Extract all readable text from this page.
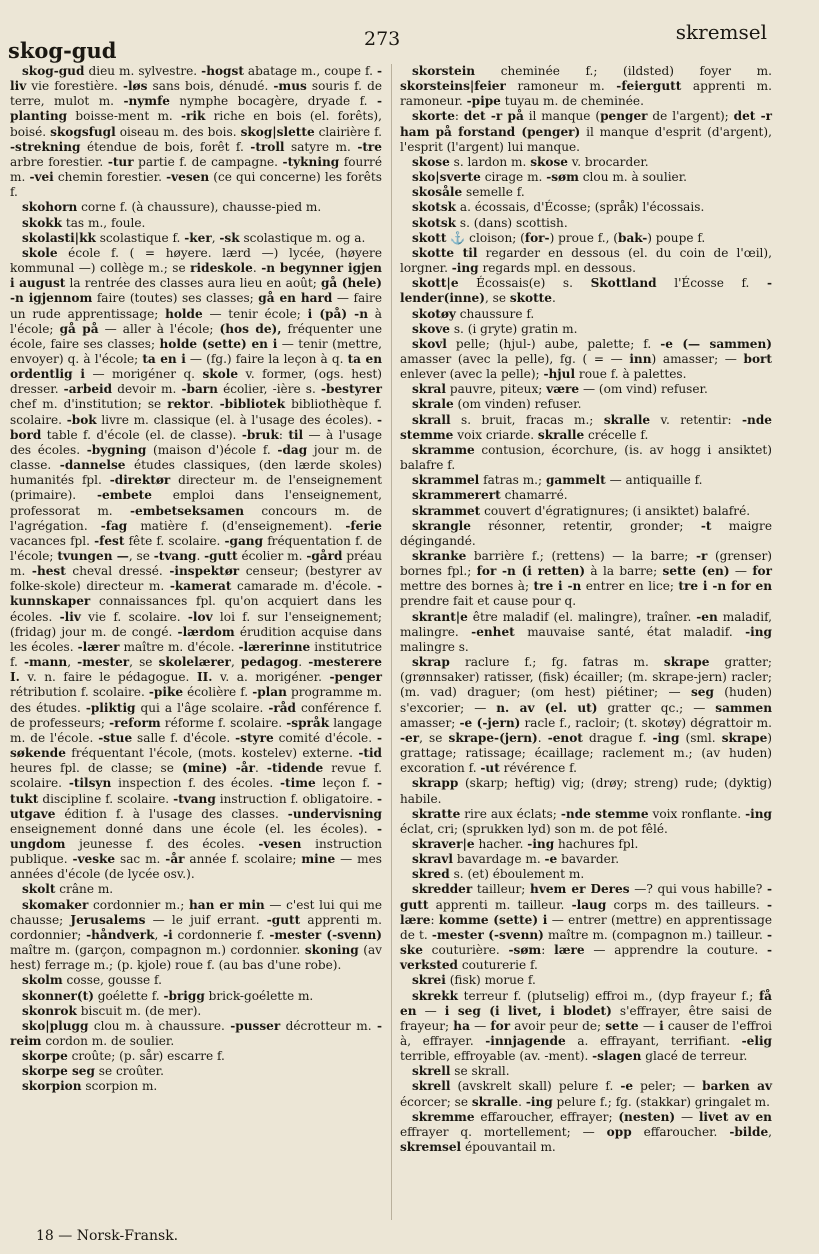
skog-gud	273	skremsel

skog-gud dieu m. sylvestre. -hogst abatage m., coupe f. -liv vie forestière. -løs sans bois, dénudé. -mus souris f. de terre, mulot m. -nymfe nymphe bocagère, dryade f. -planting boisse-ment m. -rik riche en bois (el. forêts), boisé. skogsfugl oiseau m. des bois. skog|slette clairière f. -strekning étendue de bois, forêt f. -troll satyre m. -tre arbre forestier. -tur partie f. de campagne. -tykning fourré m. -vei chemin forestier. -vesen (ce qui concerne) les forêts f.

skohorn corne f. (à chaussure), chausse-pied m.

skokk tas m., foule.

skolasti|kk scolastique f. -ker, -sk scolastique m. og a.

skole école f. ( = høyere. lærd —) lycée, (høyere kommunal —) collège m.; se rideskole. -n begynner igjen i august la rentrée des classes aura lieu en août; gå (hele) -n igjennom faire (toutes) ses classes; gå en hard — faire un rude apprentissage; holde — tenir école; i (på) -n à l'école; gå på — aller à l'école; (hos de), fréquenter une école, faire ses classes; holde (sette) en i — tenir (mettre, envoyer) q. à l'école; ta en i — (fg.) faire la leçon à q. ta en ordentlig i — morigéner q. skole v. former, (ogs. hest) dresser. -arbeid devoir m. -barn écolier, -ière s. -bestyrer chef m. d'institution; se rektor. -bibliotek bibliothèque f. scolaire. -bok livre m. classique (el. à l'usage des écoles). -bord table f. d'école (el. de classe). -bruk: til — à l'usage des écoles. -bygning (maison d')école f. -dag jour m. de classe. -dannelse études classiques, (den lærde skoles) humanités fpl. -direktør directeur m. de l'enseignement (primaire). -embete emploi dans l'enseignement, professorat m. -embetseksamen concours m. de l'agrégation. -fag matière f. (d'enseignement). -ferie vacances fpl. -fest fête f. scolaire. -gang fréquentation f. de l'école; tvungen —, se -tvang. -gutt écolier m. -gård préau m. -hest cheval dressé. -inspektør censeur; (bestyrer av folke-skole) directeur m. -kamerat camarade m. d'école. -kunnskaper connaissances fpl. qu'on acquiert dans les écoles. -liv vie f. scolaire. -lov loi f. sur l'enseignement; (fridag) jour m. de congé. -lærdom érudition acquise dans les écoles. -lærer maître m. d'école. -lærerinne institutrice f. -mann, -mester, se skolelærer, pedagog. -mesterere I. v. n. faire le pédagogue. II. v. a. morigéner. -penger rétribution f. scolaire. -pike écolière f. -plan programme m. des études. -pliktig qui a l'âge scolaire. -råd conférence f. de professeurs; -reform réforme f. scolaire. -språk langage m. de l'école. -stue salle f. d'école. -styre comité d'école. -søkende fréquentant l'école, (mots. kostelev) externe. -tid heures fpl. de classe; se (mine) -år. -tidende revue f. scolaire. -tilsyn inspection f. des écoles. -time leçon f. -tukt discipline f. scolaire. -tvang instruction f. obligatoire. -utgave édition f. à l'usage des classes. -undervisning enseignement donné dans une école (el. les écoles). -ungdom jeunesse f. des écoles. -vesen instruction publique. -veske sac m. -år année f. scolaire; mine — mes années d'école (de lycée osv.).

skolt crâne m.

skomaker cordonnier m.; han er min — c'est lui qui me chausse; Jerusalems — le juif errant. -gutt apprenti m. cordonnier; -håndverk, -i cordonnerie f. -mester (-svenn) maître m. (garçon, compagnon m.) cordonnier. skoning (av hest) ferrage m.; (p. kjole) roue f. (au bas d'une robe).

skolm cosse, gousse f.

skonner(t) goélette f. -brigg brick-goélette m.

skonrok biscuit m. (de mer).

sko|plugg clou m. à chaussure. -pusser décrotteur m. -reim cordon m. de soulier.

skorpe croûte; (p. sår) escarre f.

skorpe seg se croûter.

skorpion scorpion m.

skorstein cheminée f.; (ildsted) foyer m. skorsteins|feier ramoneur m. -feiergutt apprenti m. ramoneur. -pipe tuyau m. de cheminée.

skorte: det -r på il manque (penger de l'argent); det -r ham på forstand (penger) il manque d'esprit (d'argent), l'esprit (l'argent) lui manque.

skose s. lardon m. skose v. brocarder.

sko|sverte cirage m. -søm clou m. à soulier.

skosåle semelle f.

skotsk a. écossais, d'Écosse; (språk) l'écossais.

skotsk s. (dans) scottish.

skott ⚓ cloison; (for-) proue f., (bak-) poupe f.

skotte til regarder en dessous (el. du coin de l'œil), lorgner. -ing regards mpl. en dessous.

skott|e Écossais(e) s. Skottland l'Écosse f. -lender(inne), se skotte.

skotøy chaussure f.

skove s. (i gryte) gratin m.

skovl pelle; (hjul-) aube, palette; f. -e (— sammen) amasser (avec la pelle), fg. ( = — inn) amasser; — bort enlever (avec la pelle); -hjul roue f. à palettes.

skral pauvre, piteux; være — (om vind) refuser.

skrale (om vinden) refuser.

skrall s. bruit, fracas m.; skralle v. retentir: -nde stemme voix criarde. skralle crécelle f.

skramme contusion, écorchure, (is. av hogg i ansiktet) balafre f.

skrammel fatras m.; gammelt — antiquaille f.

skrammerert chamarré.

skrammet couvert d'égratignures; (i ansiktet) balafré.

skrangle résonner, retentir, gronder; -t maigre dégingandé.

skranke barrière f.; (rettens) — la barre; -r (grenser) bornes fpl.; for -n (i retten) à la barre; sette (en) — for mettre des bornes à; tre i -n entrer en lice; tre i -n for en prendre fait et cause pour q.

skrant|e être maladif (el. malingre), traîner. -en maladif, malingre. -enhet mauvaise santé, état maladif. -ing malingre s.

skrap raclure f.; fg. fatras m. skrape gratter; (grønnsaker) ratisser, (fisk) écailler; (m. skrape-jern) racler; (m. vad) draguer; (om hest) piétiner; — seg (huden) s'excorier; — n. av (el. ut) gratter qc.; — sammen amasser; -e (-jern) racle f., racloir; (t. skotøy) dégrattoir m. -er, se skrape-(jern). -enot drague f. -ing (sml. skrape) grattage; ratissage; écaillage; raclement m.; (av huden) excoration f. -ut révérence f.

skrapp (skarp; heftig) vig; (drøy; streng) rude; (dyktig) habile.

skratte rire aux éclats; -nde stemme voix ronflante. -ing éclat, cri; (sprukken lyd) son m. de pot fêlé.

skraver|e hacher. -ing hachures fpl.

skravl bavardage m. -e bavarder.

skred s. (et) éboulement m.

skredder tailleur; hvem er Deres —? qui vous habille? -gutt apprenti m. tailleur. -laug corps m. des tailleurs. -lære: komme (sette) i — entrer (mettre) en apprentissage de t. -mester (-svenn) maître m. (compagnon m.) tailleur. -ske couturière. -søm: lære — apprendre la couture. -verksted couturerie f.

skrei (fisk) morue f.

skrekk terreur f. (plutselig) effroi m., (dyp frayeur f.; få en — i seg (i livet, i blodet) s'effrayer, être saisi de frayeur; ha — for avoir peur de; sette — i causer de l'effroi à, effrayer. -innjagende a. effrayant, terrifiant. -elig terrible, effroyable (av. -ment). -slagen glacé de terreur.

skrell se skrall.

skrell (avskrelt skall) pelure f. -e peler; — barken av écorcer; se skralle. -ing pelure f.; fg. (stakkar) gringalet m.

skremme effaroucher, effrayer; (nesten) — livet av en effrayer q. mortellement; — opp effaroucher. -bilde, skremsel épouvantail m.

18 — Norsk-Fransk.
